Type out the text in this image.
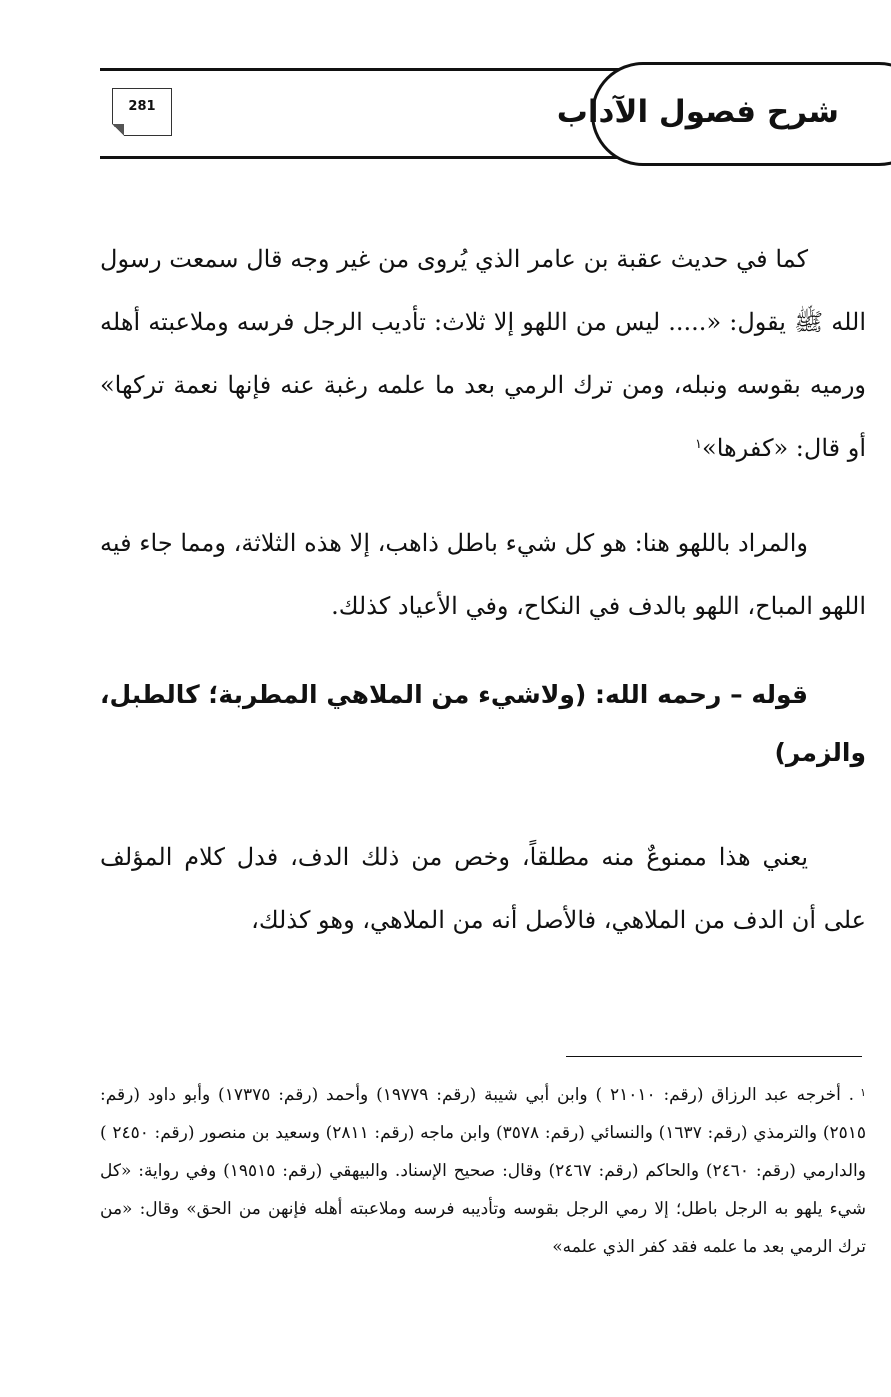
شرح فصول الآداب
281

كما في حديث عقبة بن عامر الذي يُروى من غير وجه قال سمعت رسول الله ﷺ يقول: «..... ليس من اللهو إلا ثلاث: تأديب الرجل فرسه وملاعبته أهله ورميه بقوسه ونبله، ومن ترك الرمي بعد ما علمه رغبة عنه فإنها نعمة تركها» أو قال: «كفرها»$^١$

والمراد باللهو هنا: هو كل شيء باطل ذاهب، إلا هذه الثلاثة، ومما جاء فيه اللهو المباح، اللهو بالدف في النكاح، وفي الأعياد كذلك.

قوله – رحمه الله: (ولاشيء من الملاهي المطربة؛ كالطبل، والزمر)

يعني هذا ممنوعٌ منه مطلقاً، وخص من ذلك الدف، فدل كلام المؤلف على أن الدف من الملاهي، فالأصل أنه من الملاهي، وهو كذلك،

$^١$. أخرجه عبد الرزاق (رقم: ٢١٠١٠ ) وابن أبي شيبة (رقم: ١٩٧٧٩) وأحمد (رقم: ١٧٣٧٥) وأبو داود (رقم: ٢٥١٥) والترمذي (رقم: ١٦٣٧) والنسائي (رقم: ٣٥٧٨) وابن ماجه (رقم: ٢٨١١) وسعيد بن منصور (رقم: ٢٤٥٠ ) والدارمي (رقم: ٢٤٦٠) والحاكم (رقم: ٢٤٦٧) وقال: صحيح الإسناد. والبيهقي (رقم: ١٩٥١٥) وفي رواية: «كل شيء يلهو به الرجل باطل؛ إلا رمي الرجل بقوسه وتأديبه فرسه وملاعبته أهله فإنهن من الحق» وقال: «من ترك الرمي بعد ما علمه فقد كفر الذي علمه»
